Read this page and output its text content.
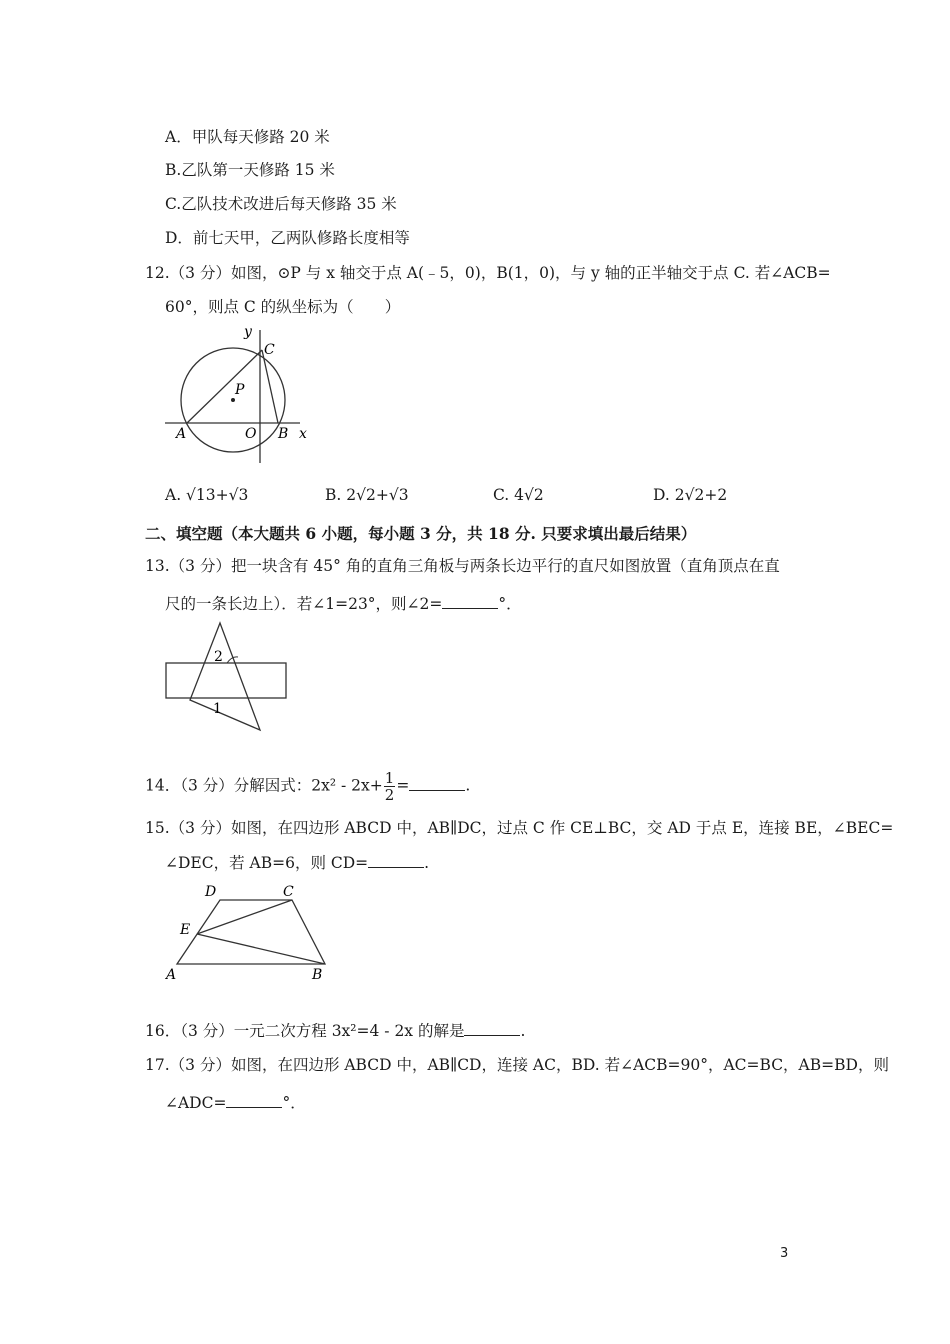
A．甲队每天修路 20 米
B.乙队第一天修路 15 米
C.乙队技术改进后每天修路 35 米
D．前七天甲，乙两队修路长度相等
12.（3 分）如图，⊙P 与 x 轴交于点 A(﹣5，0)，B(1，0)，与 y 轴的正半轴交于点 C. 若∠ACB=
60°，则点 C 的纵坐标为（　　）
y
C
P
A	O B x
A. √13+√3	B. 2√2+√3	C. 4√2	D. 2√2+2
二、填空题（本大题共 6 小题，每小题 3 分，共 18 分. 只要求填出最后结果）
13.（3 分）把一块含有 45° 角的直角三角板与两条长边平行的直尺如图放置（直角顶点在直
尺的一条长边上）．若∠1=23°，则∠2=	°．
2
1
14．（3 分）分解因式：$2x^2 - 2x+ \frac{1}{2}$ =	.
15.（3 分）如图，在四边形 ABCD 中，AB∥DC，过点 C 作 CE⊥BC，交 AD 于点 E，连接 BE，∠BEC=
∠DEC，若 AB=6，则 CD=	.
D	C
E
A	B
16．（3 分）一元二次方程 3x²=4 - 2x 的解是	.
17.（3 分）如图，在四边形 ABCD 中，AB∥CD，连接 AC，BD. 若∠ACB=90°，AC=BC，AB=BD，则
∠ADC=	°．
3
